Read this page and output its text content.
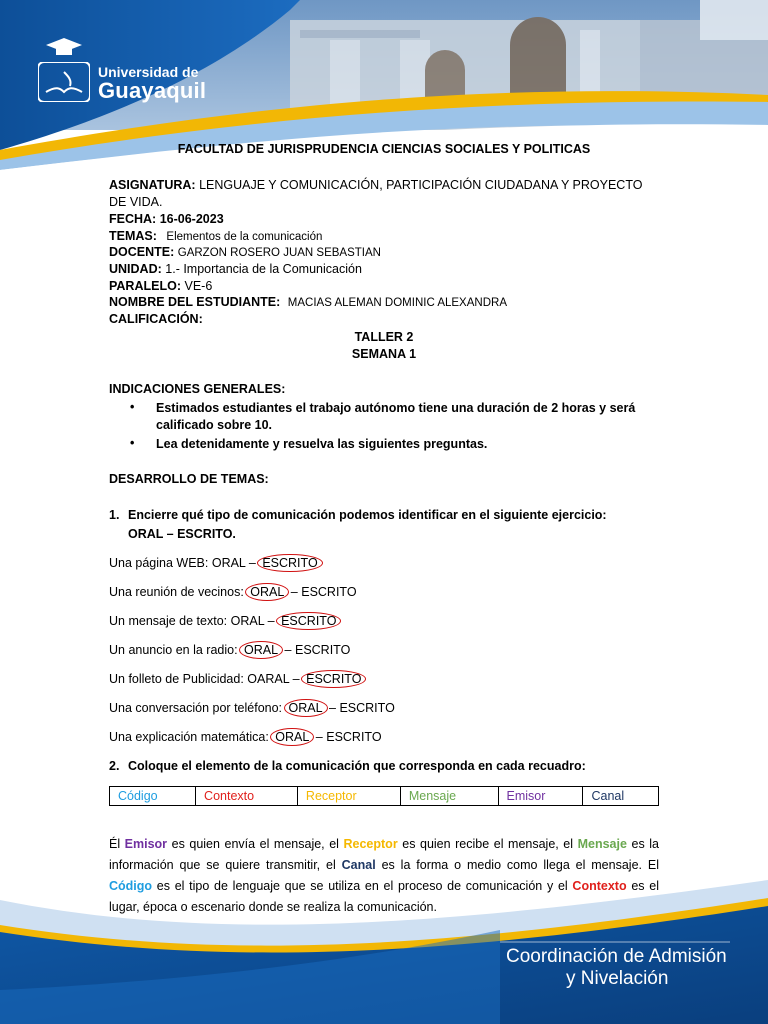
Universidad de
Guayaquil
FACULTAD DE JURISPRUDENCIA CIENCIAS SOCIALES Y POLITICAS
ASIGNATURA: LENGUAJE Y COMUNICACIÓN, PARTICIPACIÓN CIUDADANA Y PROYECTO
DE VIDA.
FECHA: 16-06-2023
TEMAS: Elementos de la comunicación
DOCENTE: GARZON ROSERO JUAN SEBASTIAN
UNIDAD: 1.- Importancia de la Comunicación
PARALELO: VE-6
NOMBRE DEL ESTUDIANTE: MACIAS ALEMAN DOMINIC ALEXANDRA
CALIFICACIÓN:
TALLER 2
SEMANA 1
INDICACIONES GENERALES:
• Estimados estudiantes el trabajo autónomo tiene una duración de 2 horas y será calificado sobre 10.
• Lea detenidamente y resuelva las siguientes preguntas.
DESARROLLO DE TEMAS:
1. Encierre qué tipo de comunicación podemos identificar en el siguiente ejercicio:
ORAL – ESCRITO.
Una página WEB: ORAL – ESCRITO
Una reunión de vecinos: ORAL – ESCRITO
Un mensaje de texto: ORAL – ESCRITO
Un anuncio en la radio: ORAL – ESCRITO
Un folleto de Publicidad: OARAL – ESCRITO
Una conversación por teléfono: ORAL – ESCRITO
Una explicación matemática: ORAL – ESCRITO
2. Coloque el elemento de la comunicación que corresponda en cada recuadro:
Código	Contexto	Receptor	Mensaje	Emisor	Canal
Él Emisor es quien envía el mensaje, el Receptor es quien recibe el mensaje, el Mensaje es la información que se quiere transmitir, el Canal es la forma o medio como llega el mensaje. El Código es el tipo de lenguaje que se utiliza en el proceso de comunicación y el Contexto es el lugar, época o escenario donde se realiza la comunicación.
Coordinación de Admisión
y Nivelación
